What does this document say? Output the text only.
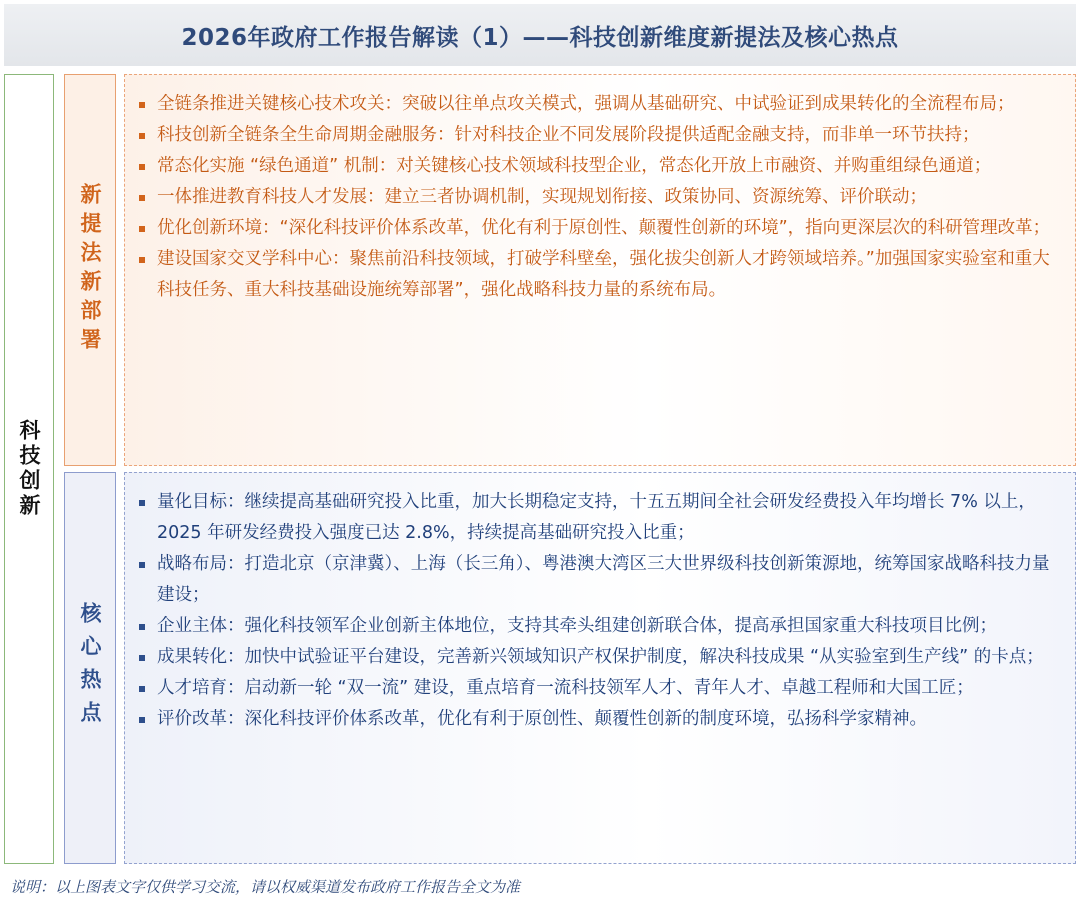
2026年政府工作报告解读（1）——科技创新维度新提法及核心热点
科技创新
新提法新部署
全链条推进关键核心技术攻关：突破以往单点攻关模式，强调从基础研究、中试验证到成果转化的全流程布局；
科技创新全链条全生命周期金融服务：针对科技企业不同发展阶段提供适配金融支持，而非单一环节扶持；
常态化实施 “绿色通道” 机制：对关键核心技术领域科技型企业，常态化开放上市融资、并购重组绿色通道；
一体推进教育科技人才发展：建立三者协调机制，实现规划衔接、政策协同、资源统筹、评价联动；
优化创新环境：“深化科技评价体系改革，优化有利于原创性、颠覆性创新的环境”，指向更深层次的科研管理改革；
建设国家交叉学科中心：聚焦前沿科技领域，打破学科壁垒，强化拔尖创新人才跨领域培养。”加强国家实验室和重大科技任务、重大科技基础设施统筹部署”，强化战略科技力量的系统布局。
核心热点
量化目标：继续提高基础研究投入比重，加大长期稳定支持，十五五期间全社会研发经费投入年均增长 7% 以上，2025 年研发经费投入强度已达 2.8%，持续提高基础研究投入比重；
战略布局：打造北京（京津冀）、上海（长三角）、粤港澳大湾区三大世界级科技创新策源地，统筹国家战略科技力量建设；
企业主体：强化科技领军企业创新主体地位，支持其牵头组建创新联合体，提高承担国家重大科技项目比例；
成果转化：加快中试验证平台建设，完善新兴领域知识产权保护制度，解决科技成果 “从实验室到生产线” 的卡点；
人才培育：启动新一轮 “双一流” 建设，重点培育一流科技领军人才、青年人才、卓越工程师和大国工匠；
评价改革：深化科技评价体系改革，优化有利于原创性、颠覆性创新的制度环境，弘扬科学家精神。
说明：以上图表文字仅供学习交流，请以权威渠道发布政府工作报告全文为准
